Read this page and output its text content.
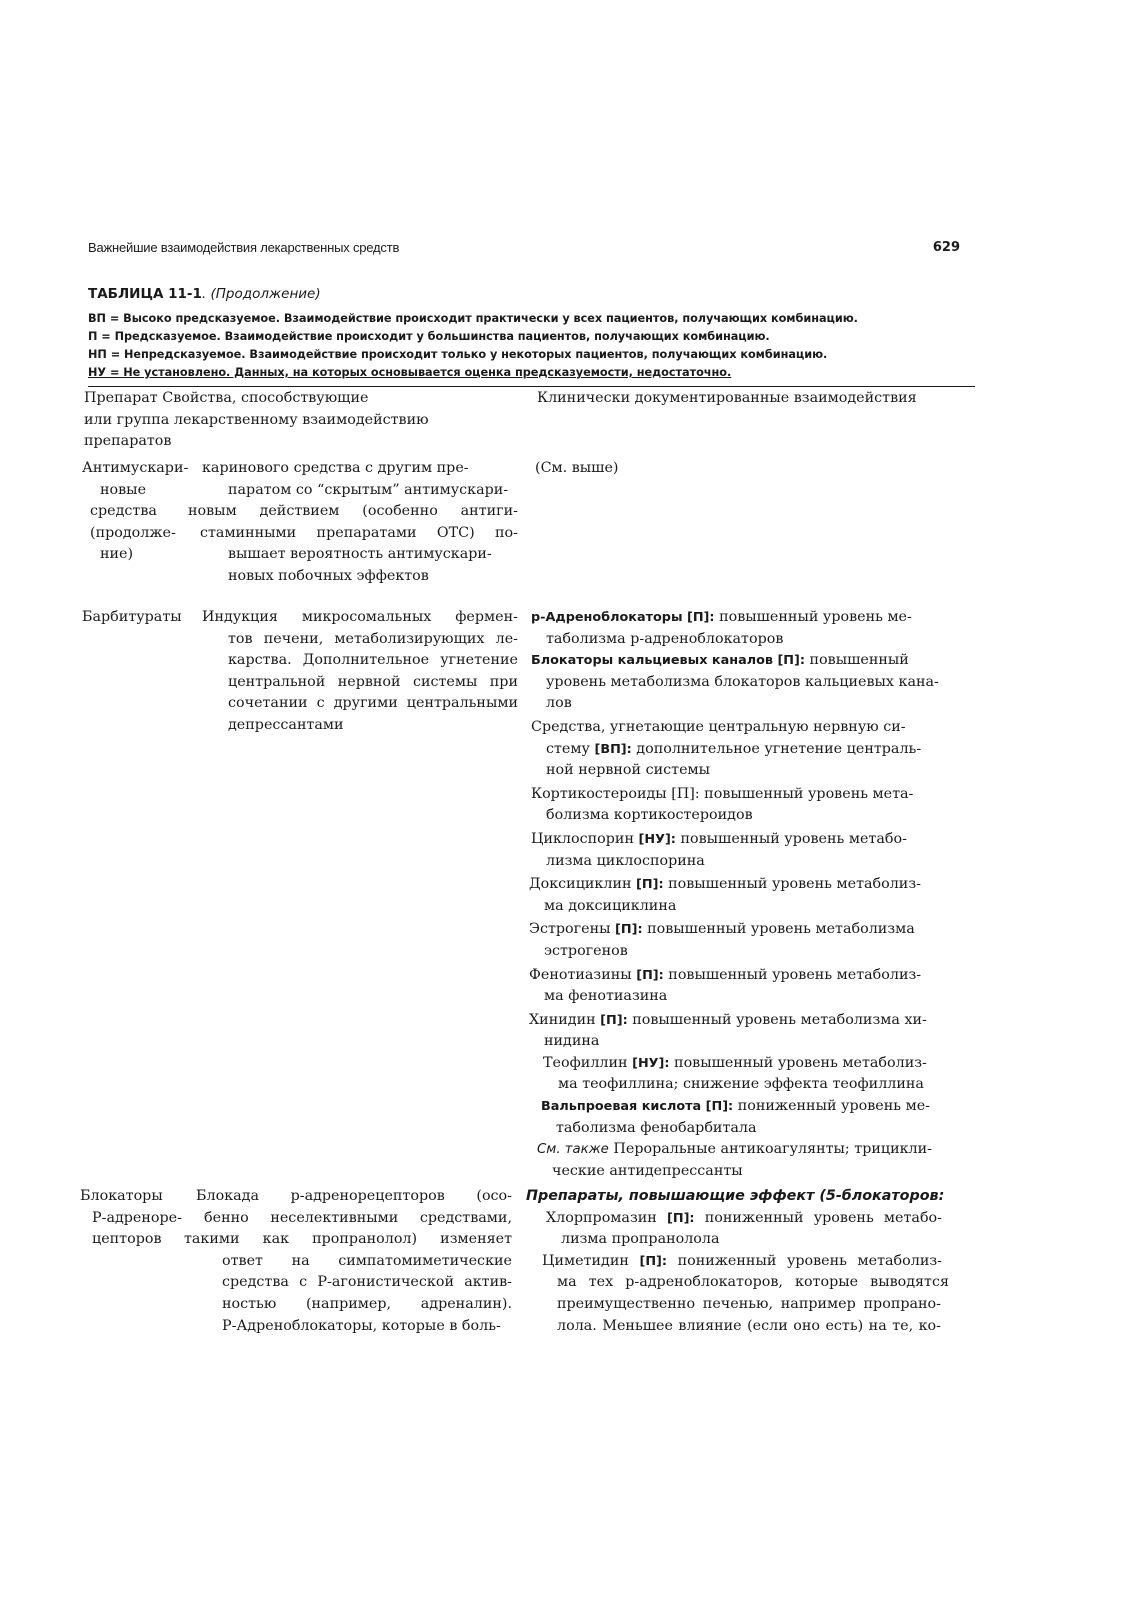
Важнейшие взаимодействия лекарственных средств	629
ТАБЛИЦА 11-1. (Продолжение)
ВП = Высоко предсказуемое. Взаимодействие происходит практически у всех пациентов, получающих комбинацию.
П = Предсказуемое. Взаимодействие происходит у большинства пациентов, получающих комбинацию.
НП = Непредсказуемое. Взаимодействие происходит только у некоторых пациентов, получающих комбинацию.
НУ = Не установлено. Данных, на которых основывается оценка предсказуемости, недостаточно.
Препарат Свойства, способствующие
или группа лекарственному взаимодействию
препаратов
Клинически документированные взаимодействия
Антимускари-
новые
средства
(продолже-
ние)
каринового средства с другим пре-
паратом со “скрытым” антимускари-
новым действием (особенно антиги-
стаминными препаратами ОТС) по-
вышает вероятность антимускари-
новых побочных эффектов
(См. выше)
Барбитураты Индукция микросомальных фермен-
тов печени, метаболизирующих ле-
карства. Дополнительное угнетение
центральной нервной системы при
сочетании с другими центральными
депрессантами
р-Адреноблокаторы [П]: повышенный уровень ме-
таболизма р-адреноблокаторов
Блокаторы кальциевых каналов [П]: повышенный
уровень метаболизма блокаторов кальциевых кана-
лов
Средства, угнетающие центральную нервную си-
стему [ВП]: дополнительное угнетение централь-
ной нервной системы
Кортикостероиды [П]: повышенный уровень мета-
болизма кортикостероидов
Циклоспорин [НУ]: повышенный уровень метабо-
лизма циклоспорина
Доксициклин [П]: повышенный уровень метаболиз-
ма доксициклина
Эстрогены [П]: повышенный уровень метаболизма
эстрогенов
Фенотиазины [П]: повышенный уровень метаболиз-
ма фенотиазина
Хинидин [П]: повышенный уровень метаболизма хи-
нидина
Теофиллин [НУ]: повышенный уровень метаболиз-
ма теофиллина; снижение эффекта теофиллина
Вальпроевая кислота [П]: пониженный уровень ме-
таболизма фенобарбитала
См. также Пероральные антикоагулянты; трицикли-
ческие антидепрессанты
Блокаторы
Р-адренорe-
цепторов
Блокада р-адренорецепторов (осо-
бенно неселективными средствами,
такими как пропранолол) изменяет
ответ на симпатомиметические
средства с Р-агонистической актив-
ностью (например, адреналин).
Р-Адреноблокаторы, которые в боль-
Препараты, повышающие эффект (5-блокаторов:
Хлорпромазин [П]: пониженный уровень метабо-
лизма пропранолола
Циметидин [П]: пониженный уровень метаболиз-
ма тех р-адреноблокаторов, которые выводятся
преимущественно печенью, например пропрано-
лола. Меньшее влияние (если оно есть) на те, ко-
